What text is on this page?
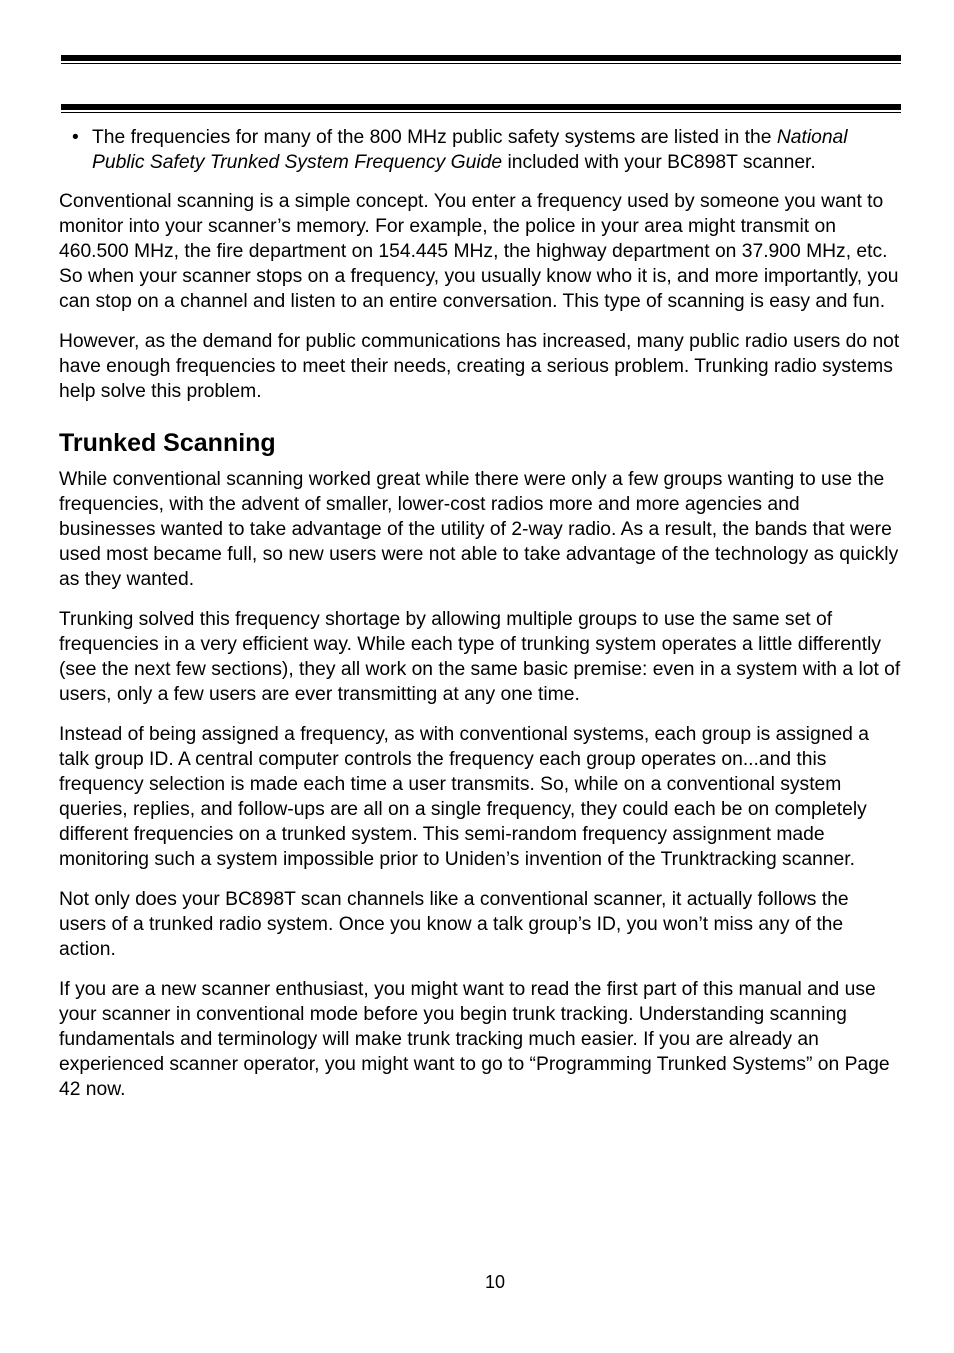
• The frequencies for many of the 800 MHz public safety systems are listed in the National Public Safety Trunked System Frequency Guide included with your BC898T scanner.

Conventional scanning is a simple concept. You enter a frequency used by someone you want to monitor into your scanner’s memory. For example, the police in your area might transmit on 460.500 MHz, the fire department on 154.445 MHz, the highway department on 37.900 MHz, etc. So when your scanner stops on a frequency, you usually know who it is, and more importantly, you can stop on a channel and listen to an entire conversation. This type of scanning is easy and fun.

However, as the demand for public communications has increased, many public radio users do not have enough frequencies to meet their needs, creating a serious problem. Trunking radio systems help solve this problem.

Trunked Scanning

While conventional scanning worked great while there were only a few groups wanting to use the frequencies, with the advent of smaller, lower-cost radios more and more agencies and businesses wanted to take advantage of the utility of 2-way radio. As a result, the bands that were used most became full, so new users were not able to take advantage of the technology as quickly as they wanted.

Trunking solved this frequency shortage by allowing multiple groups to use the same set of frequencies in a very efficient way. While each type of trunking system operates a little differently (see the next few sections), they all work on the same basic premise: even in a system with a lot of users, only a few users are ever transmitting at any one time.

Instead of being assigned a frequency, as with conventional systems, each group is assigned a talk group ID. A central computer controls the frequency each group operates on...and this frequency selection is made each time a user transmits. So, while on a conventional system queries, replies, and follow-ups are all on a single frequency, they could each be on completely different frequencies on a trunked system. This semi-random frequency assignment made monitoring such a system impossible prior to Uniden’s invention of the Trunktracking scanner.

Not only does your BC898T scan channels like a conventional scanner, it actually follows the users of a trunked radio system. Once you know a talk group’s ID, you won’t miss any of the action.

If you are a new scanner enthusiast, you might want to read the first part of this manual and use your scanner in conventional mode before you begin trunk tracking. Understanding scanning fundamentals and terminology will make trunk tracking much easier. If you are already an experienced scanner operator, you might want to go to “Programming Trunked Systems” on Page 42 now.

10
